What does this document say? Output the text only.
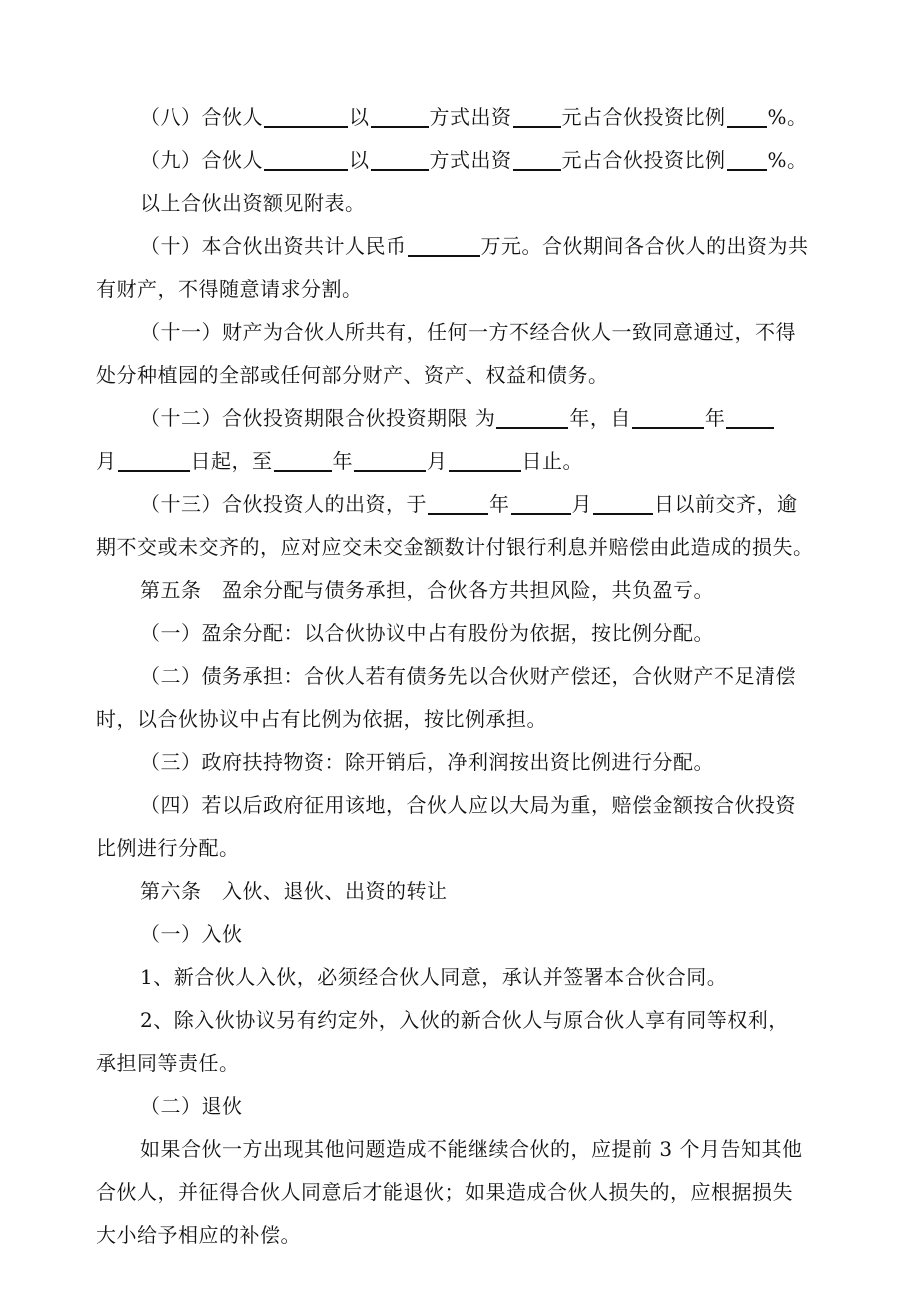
（八）合伙人	以	方式出资	元占合伙投资比例 %。
（九）合伙人	以	方式出资	元占合伙投资比例 %。
以上合伙出资额见附表。
（十）本合伙出资共计人民币	万元。合伙期间各合伙人的出资为共
有财产，不得随意请求分割。
（十一）财产为合伙人所共有，任何一方不经合伙人一致同意通过，不得
处分种植园的全部或任何部分财产、资产、权益和债务。
（十二）合伙投资期限合伙投资期限 为	年，自	年
月	日起，至	年	月	日止。
（十三）合伙投资人的出资，于	年	月	日以前交齐，逾
期不交或未交齐的，应对应交未交金额数计付银行利息并赔偿由此造成的损失。
第五条　盈余分配与债务承担，合伙各方共担风险，共负盈亏。
（一）盈余分配：以合伙协议中占有股份为依据，按比例分配。
（二）债务承担：合伙人若有债务先以合伙财产偿还，合伙财产不足清偿
时，以合伙协议中占有比例为依据，按比例承担。
（三）政府扶持物资：除开销后，净利润按出资比例进行分配。
（四）若以后政府征用该地，合伙人应以大局为重，赔偿金额按合伙投资
比例进行分配。
第六条　入伙、退伙、出资的转让
（一）入伙
1、新合伙人入伙，必须经合伙人同意，承认并签署本合伙合同。
2、除入伙协议另有约定外，入伙的新合伙人与原合伙人享有同等权利，
承担同等责任。
（二）退伙
如果合伙一方出现其他问题造成不能继续合伙的，应提前 3 个月告知其他
合伙人，并征得合伙人同意后才能退伙；如果造成合伙人损失的，应根据损失
大小给予相应的补偿。
